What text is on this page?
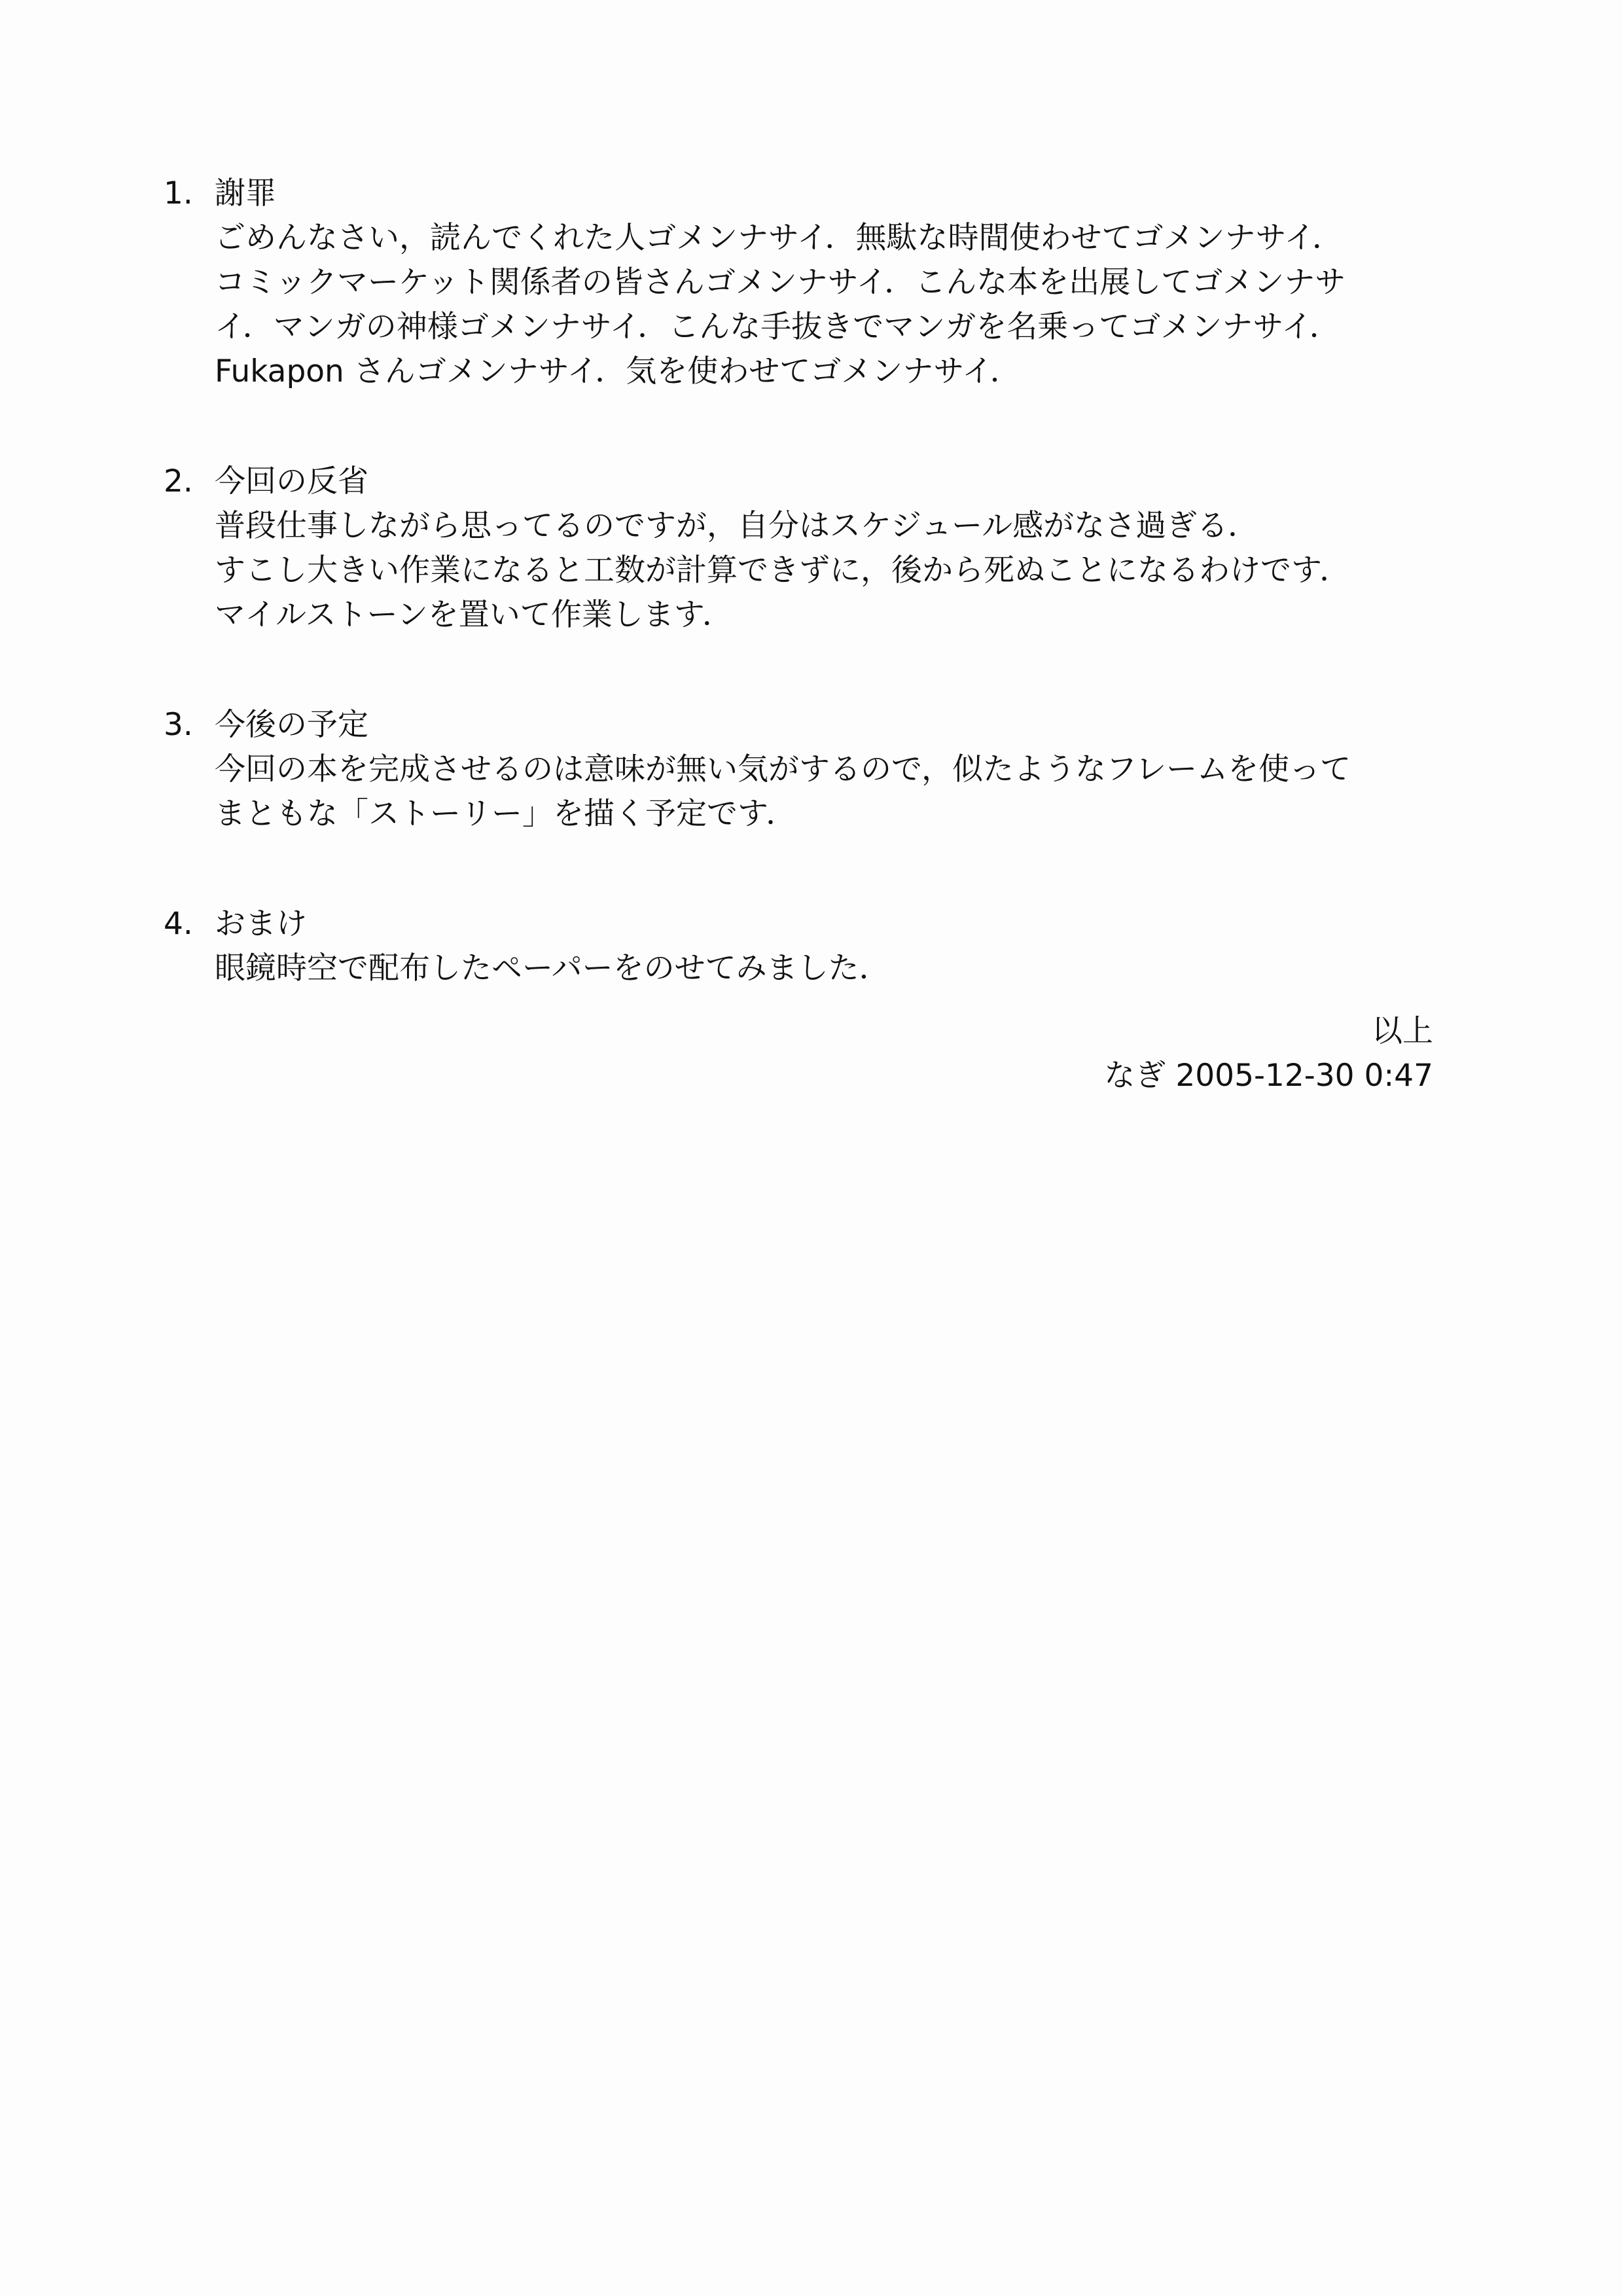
1. 謝罪
ごめんなさい，読んでくれた人ゴメンナサイ．無駄な時間使わせてゴメンナサイ．
コミックマーケット関係者の皆さんゴメンナサイ．こんな本を出展してゴメンナサ
イ．マンガの神様ゴメンナサイ．こんな手抜きでマンガを名乗ってゴメンナサイ．
Fukapon さんゴメンナサイ．気を使わせてゴメンナサイ．
2. 今回の反省
普段仕事しながら思ってるのですが，自分はスケジュール感がなさ過ぎる．
すこし大きい作業になると工数が計算できずに，後から死ぬことになるわけです．
マイルストーンを置いて作業します．
3. 今後の予定
今回の本を完成させるのは意味が無い気がするので，似たようなフレームを使って
まともな「ストーリー」を描く予定です．
4. おまけ
眼鏡時空で配布したペーパーをのせてみました．
以上
なぎ 2005-12-30 0:47
